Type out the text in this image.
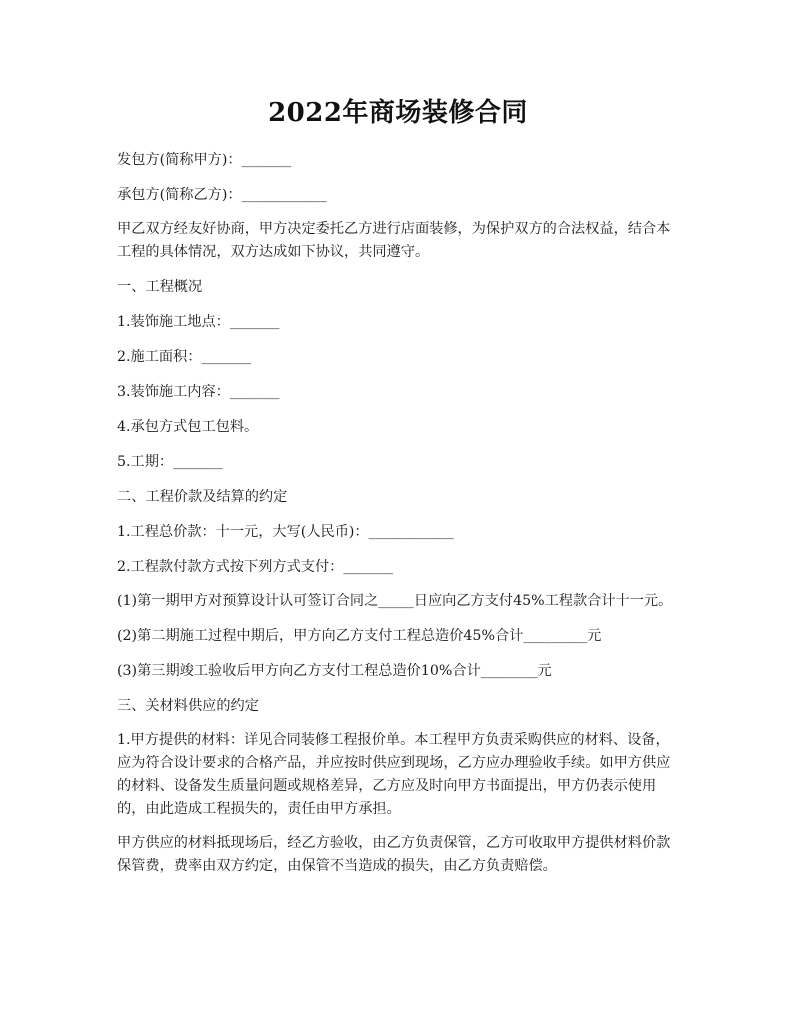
2022年商场装修合同

发包方(简称甲方)：_______

承包方(简称乙方)：____________

甲乙双方经友好协商，甲方决定委托乙方进行店面装修，为保护双方的合法权益，结合本工程的具体情况，双方达成如下协议，共同遵守。

一、工程概况

1.装饰施工地点：_______

2.施工面积：_______

3.装饰施工内容：_______

4.承包方式包工包料。

5.工期：_______

二、工程价款及结算的约定

1.工程总价款：十一元，大写(人民币)：____________

2.工程款付款方式按下列方式支付：_______

(1)第一期甲方对预算设计认可签订合同之_____日应向乙方支付45%工程款合计十一元。

(2)第二期施工过程中期后，甲方向乙方支付工程总造价45%合计_________元

(3)第三期竣工验收后甲方向乙方支付工程总造价10%合计________元

三、关材料供应的约定

1.甲方提供的材料：详见合同装修工程报价单。本工程甲方负责采购供应的材料、设备，应为符合设计要求的合格产品，并应按时供应到现场，乙方应办理验收手续。如甲方供应的材料、设备发生质量问题或规格差异，乙方应及时向甲方书面提出，甲方仍表示使用的，由此造成工程损失的，责任由甲方承担。

甲方供应的材料抵现场后，经乙方验收，由乙方负责保管，乙方可收取甲方提供材料价款保管费，费率由双方约定，由保管不当造成的损失，由乙方负责赔偿。
